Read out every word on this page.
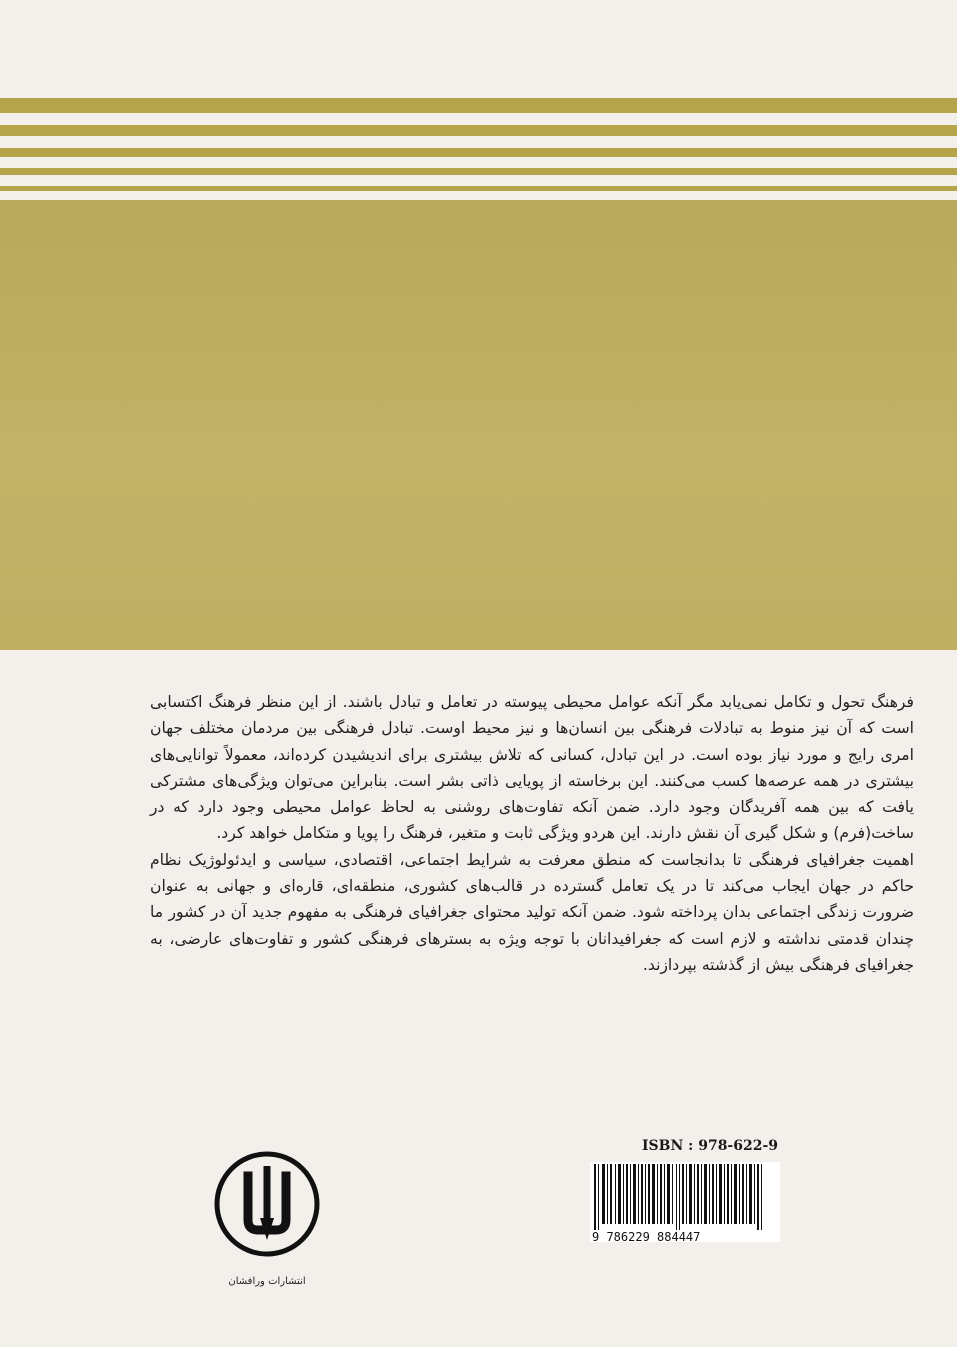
فرهنگ تحول و تکامل نمی‌یابد مگر آنکه عوامل محیطی پیوسته در تعامل و تبادل باشند. از این منظر فرهنگ اکتسابی است که آن نیز منوط به تبادلات فرهنگی بین انسان‌ها و نیز محیط اوست. تبادل فرهنگی بین مردمان مختلف جهان امری رایج و مورد نیاز بوده است. در این تبادل، کسانی که تلاش بیشتری برای اندیشیدن کرده‌اند، معمولاً توانایی‌های بیشتری در همه عرصه‌ها کسب می‌کنند. این برخاسته از پویایی ذاتی بشر است. بنابراین می‌توان ویژگی‌های مشترکی یافت که بین همه آفریدگان وجود دارد. ضمن آنکه تفاوت‌های روشنی به لحاظ عوامل محیطی وجود دارد که در ساخت(فرم) و شکل گیری آن نقش دارند. این هردو ویژگی ثابت و متغیر، فرهنگ را پویا و متکامل خواهد کرد.

اهمیت جغرافیای فرهنگی تا بدانجاست که منطق معرفت به شرایط اجتماعی، اقتصادی، سیاسی و ایدئولوژیک نظام حاکم در جهان ایجاب می‌کند تا در یک تعامل گسترده در قالب‌های کشوری، منطقه‌ای، قاره‌ای و جهانی به عنوان ضرورت زندگی اجتماعی بدان پرداخته شود. ضمن آنکه تولید محتوای جغرافیای فرهنگی به مفهوم جدید آن در کشور ما چندان قدمتی نداشته و لازم است که جغرافیدانان با توجه ویژه به بسترهای فرهنگی کشور و تفاوت‌های عارضی، به جغرافیای فرهنگی بیش از گذشته بپردازند.

ISBN : 978-622-9
9 786229 884447
انتشارات ورافشان
